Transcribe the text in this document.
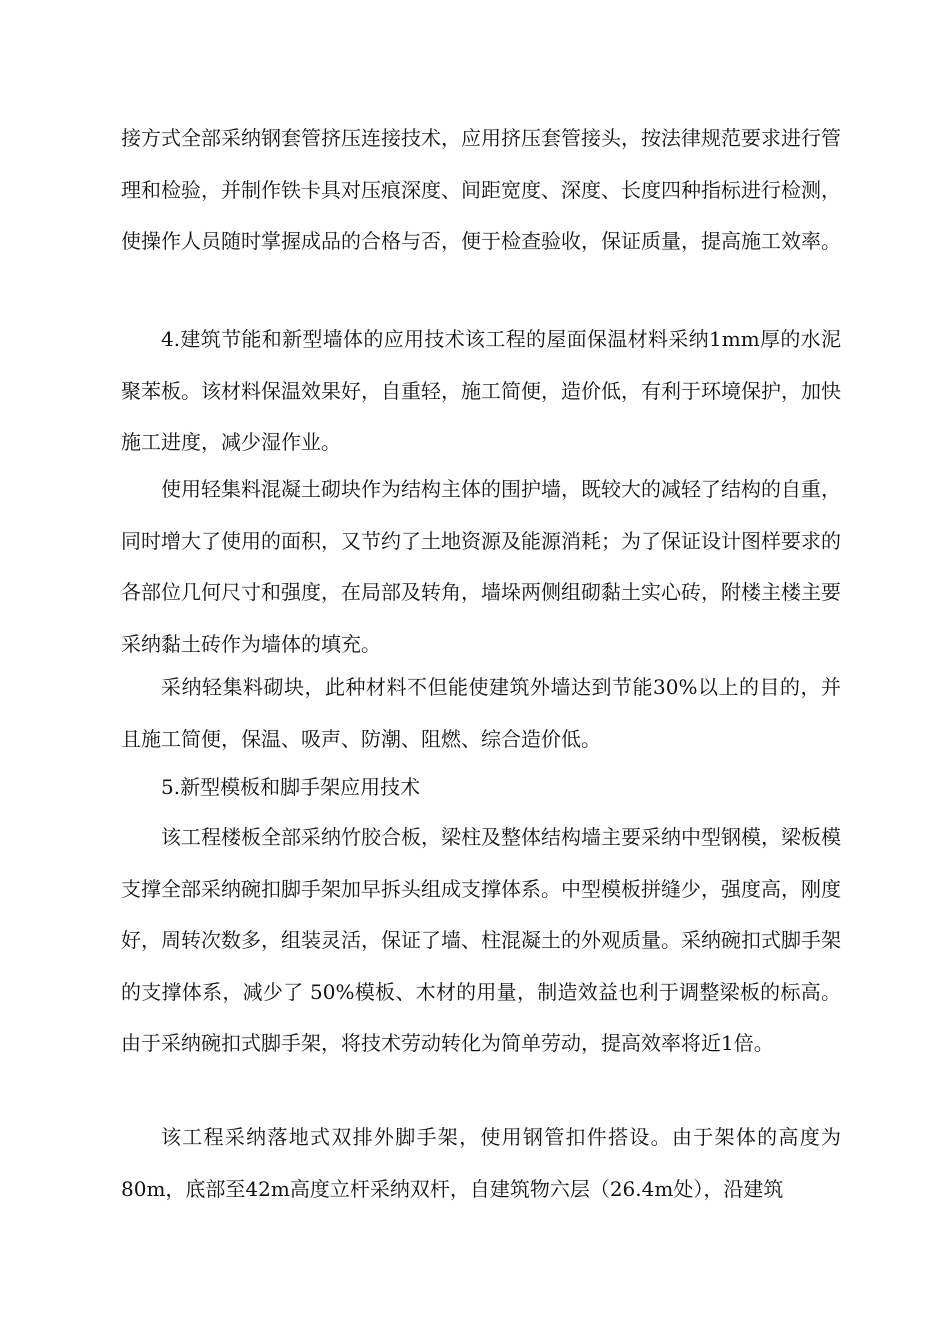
接方式全部采纳钢套管挤压连接技术，应用挤压套管接头，按法律规范要求进行管理和检验，并制作铁卡具对压痕深度、间距宽度、深度、长度四种指标进行检测，使操作人员随时掌握成品的合格与否，便于检查验收，保证质量，提高施工效率。

4.建筑节能和新型墙体的应用技术该工程的屋面保温材料采纳1mm厚的水泥聚苯板。该材料保温效果好，自重轻，施工简便，造价低，有利于环境保护，加快施工进度，减少湿作业。

使用轻集料混凝土砌块作为结构主体的围护墙，既较大的减轻了结构的自重，同时增大了使用的面积，又节约了土地资源及能源消耗；为了保证设计图样要求的各部位几何尺寸和强度，在局部及转角，墙垛两侧组砌黏土实心砖，附楼主楼主要采纳黏土砖作为墙体的填充。

采纳轻集料砌块，此种材料不但能使建筑外墙达到节能30%以上的目的，并且施工简便，保温、吸声、防潮、阻燃、综合造价低。

5.新型模板和脚手架应用技术

该工程楼板全部采纳竹胶合板，梁柱及整体结构墙主要采纳中型钢模，梁板模支撑全部采纳碗扣脚手架加早拆头组成支撑体系。中型模板拼缝少，强度高，刚度好，周转次数多，组装灵活，保证了墙、柱混凝土的外观质量。采纳碗扣式脚手架的支撑体系，减少了 50%模板、木材的用量，制造效益也利于调整梁板的标高。由于采纳碗扣式脚手架，将技术劳动转化为简单劳动，提高效率将近1倍。

该工程采纳落地式双排外脚手架，使用钢管扣件搭设。由于架体的高度为80m，底部至42m高度立杆采纳双杆，自建筑物六层（26.4m处），沿建筑
